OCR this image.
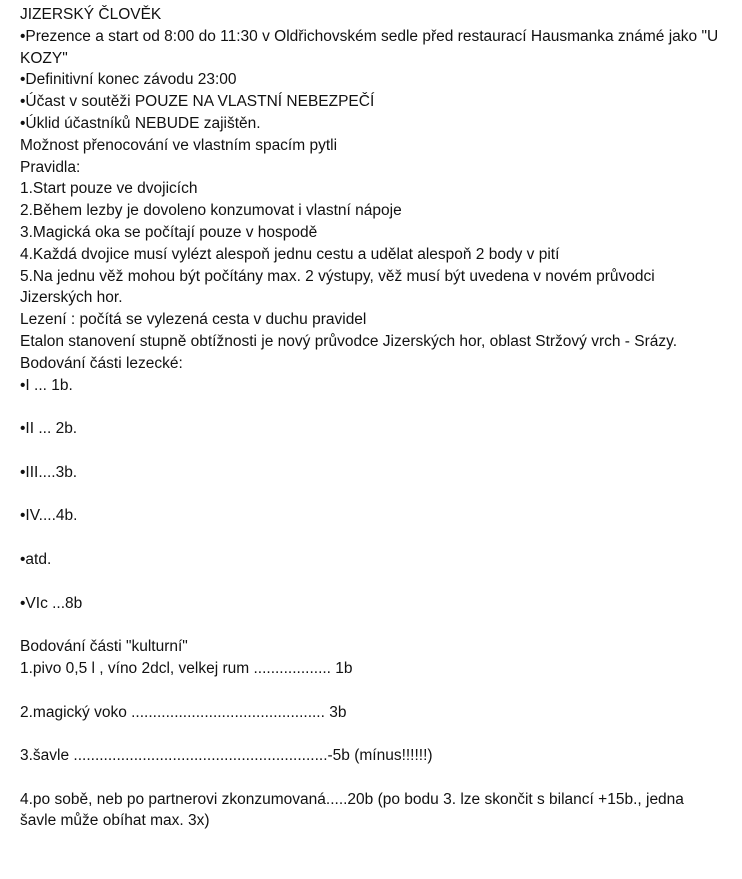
JIZERSKÝ ČLOVĚK

•Prezence a start od 8:00 do 11:30 v Oldřichovském sedle před restaurací Hausmanka známé jako "U KOZY"

•Definitivní konec závodu 23:00

•Účast v soutěži POUZE NA VLASTNÍ NEBEZPEČÍ

•Úklid účastníků NEBUDE zajištěn.

Možnost přenocování ve vlastním spacím pytli

Pravidla:

1.Start pouze ve dvojicích

2.Během lezby je dovoleno konzumovat i vlastní nápoje

3.Magická oka se počítají pouze v hospodě

4.Každá dvojice musí vylézt alespoň jednu cestu a udělat alespoň 2 body v pití

5.Na jednu věž mohou být počítány max. 2 výstupy, věž musí být uvedena v novém průvodci Jizerských hor.

Lezení : počítá se vylezená cesta v duchu pravidel

Etalon stanovení stupně obtížnosti je nový průvodce Jizerských hor, oblast Stržový vrch - Srázy.

Bodování části lezecké:

•I ... 1b.

•II ... 2b.

•III....3b.

•IV....4b.

•atd.

•VIc ...8b

Bodování části "kulturní"

1.pivo 0,5 l , víno 2dcl, velkej rum .................. 1b

2.magický voko ............................................. 3b

3.šavle ...........................................................-5b (mínus!!!!!!)

4.po sobě, neb po partnerovi zkonzumovaná.....20b (po bodu 3. lze skončit s bilancí +15b., jedna šavle může obíhat max. 3x)
